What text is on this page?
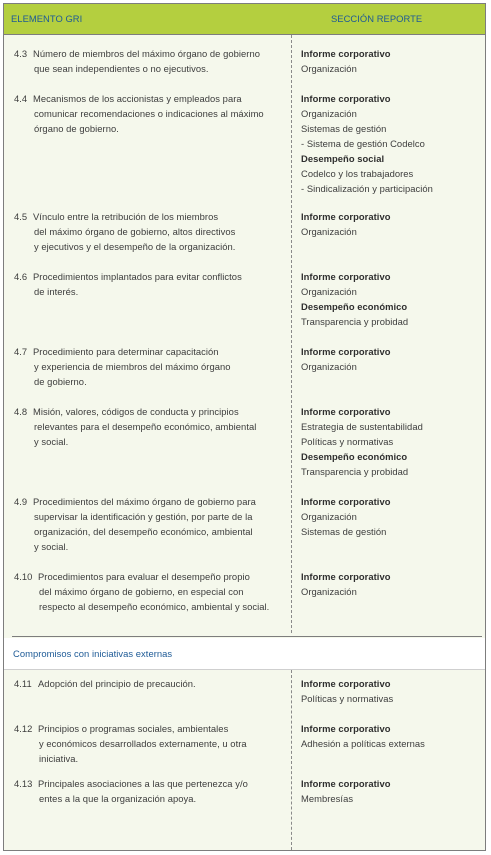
ELEMENTO GRI	SECCIÓN REPORTE
Compromisos con iniciativas externas
4.3 Número de miembros del máximo órgano de gobierno
que sean independientes o no ejecutivos.
Informe corporativo
Organización
4.4 Mecanismos de los accionistas y empleados para
comunicar recomendaciones o indicaciones al máximo
órgano de gobierno.
Informe corporativo
Organización
Sistemas de gestión
- Sistema de gestión Codelco
Desempeño social
Codelco y los trabajadores
- Sindicalización y participación
4.5 Vínculo entre la retribución de los miembros
del máximo órgano de gobierno, altos directivos
y ejecutivos y el desempeño de la organización.
Informe corporativo
Organización
4.6 Procedimientos implantados para evitar conflictos
de interés.
Informe corporativo
Organización
Desempeño económico
Transparencia y probidad
4.7 Procedimiento para determinar capacitación
y experiencia de miembros del máximo órgano
de gobierno.
Informe corporativo
Organización
4.8 Misión, valores, códigos de conducta y principios
relevantes para el desempeño económico, ambiental
y social.
Informe corporativo
Estrategia de sustentabilidad
Políticas y normativas
Desempeño económico
Transparencia y probidad
4.9 Procedimientos del máximo órgano de gobierno para
supervisar la identificación y gestión, por parte de la
organización, del desempeño económico, ambiental
y social.
Informe corporativo
Organización
Sistemas de gestión
4.10 Procedimientos para evaluar el desempeño propio
del máximo órgano de gobierno, en especial con
respecto al desempeño económico, ambiental y social.
Informe corporativo
Organización
4.11 Adopción del principio de precaución.	Informe corporativo
Políticas y normativas
4.12 Principios o programas sociales, ambientales
y económicos desarrollados externamente, u otra
iniciativa.
Informe corporativo
Adhesión a políticas externas
4.13 Principales asociaciones a las que pertenezca y/o
entes a la que la organización apoya.
Informe corporativo
Membresías
